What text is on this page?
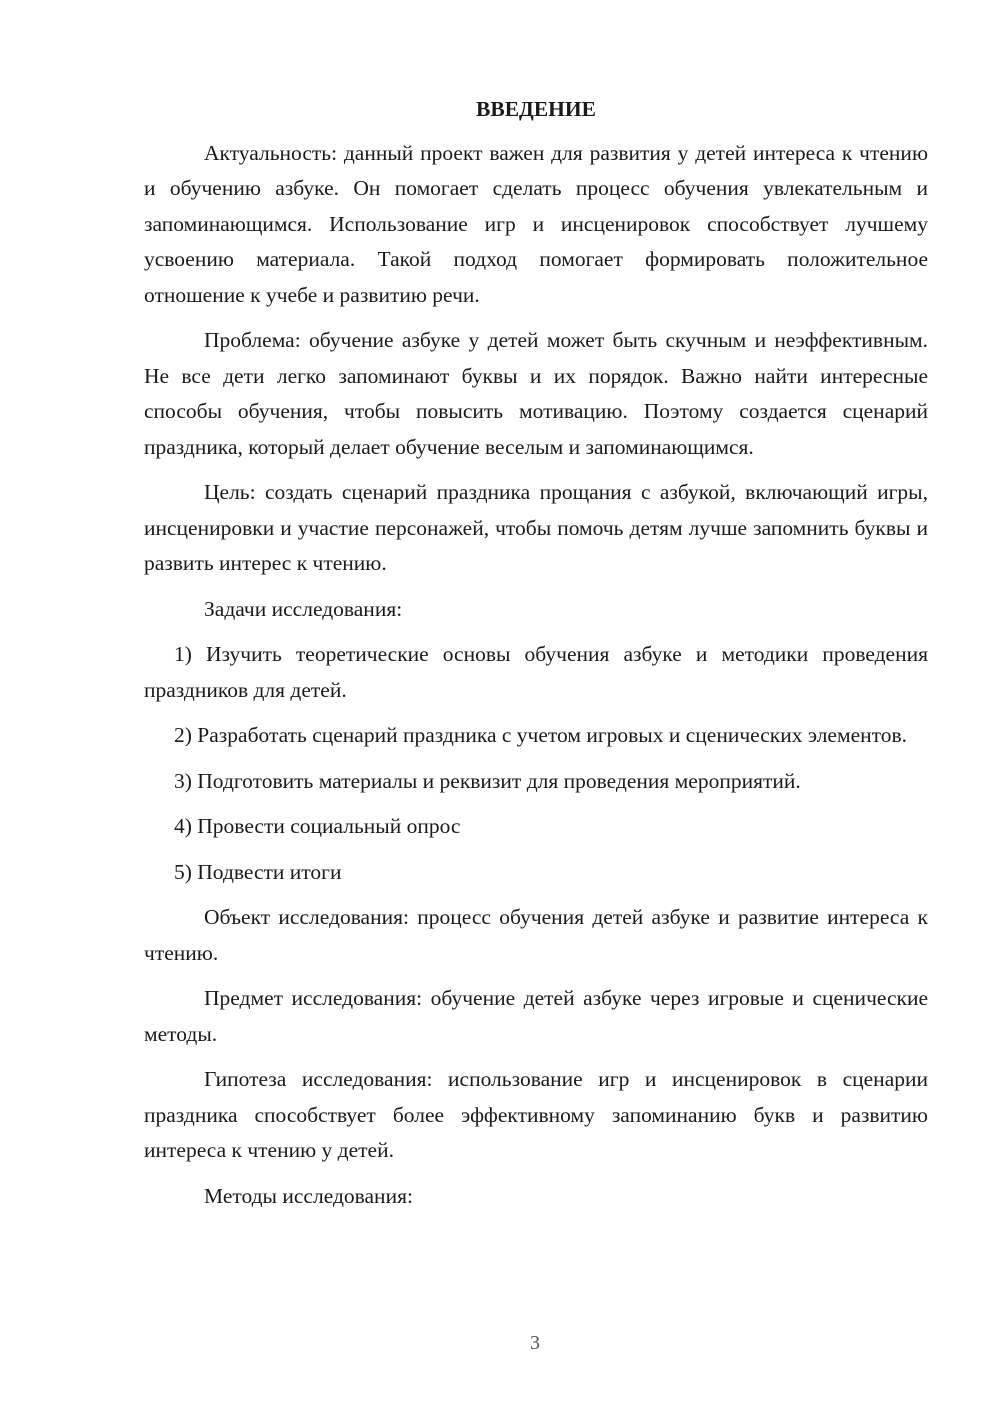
ВВЕДЕНИЕ

Актуальность: данный проект важен для развития у детей интереса к чтению и обучению азбуке. Он помогает сделать процесс обучения увлекательным и запоминающимся. Использование игр и инсценировок способствует лучшему усвоению материала. Такой подход помогает формировать положительное отношение к учебе и развитию речи.

Проблема: обучение азбуке у детей может быть скучным и неэффективным. Не все дети легко запоминают буквы и их порядок. Важно найти интересные способы обучения, чтобы повысить мотивацию. Поэтому создается сценарий праздника, который делает обучение веселым и запоминающимся.

Цель: создать сценарий праздника прощания с азбукой, включающий игры, инсценировки и участие персонажей, чтобы помочь детям лучше запомнить буквы и развить интерес к чтению.

Задачи исследования:

1) Изучить теоретические основы обучения азбуке и методики проведения праздников для детей.

2) Разработать сценарий праздника с учетом игровых и сценических элементов.

3) Подготовить материалы и реквизит для проведения мероприятий.

4) Провести социальный опрос

5) Подвести итоги

Объект исследования: процесс обучения детей азбуке и развитие интереса к чтению.

Предмет исследования: обучение детей азбуке через игровые и сценические методы.

Гипотеза исследования: использование игр и инсценировок в сценарии праздника способствует более эффективному запоминанию букв и развитию интереса к чтению у детей.

Методы исследования:

3
